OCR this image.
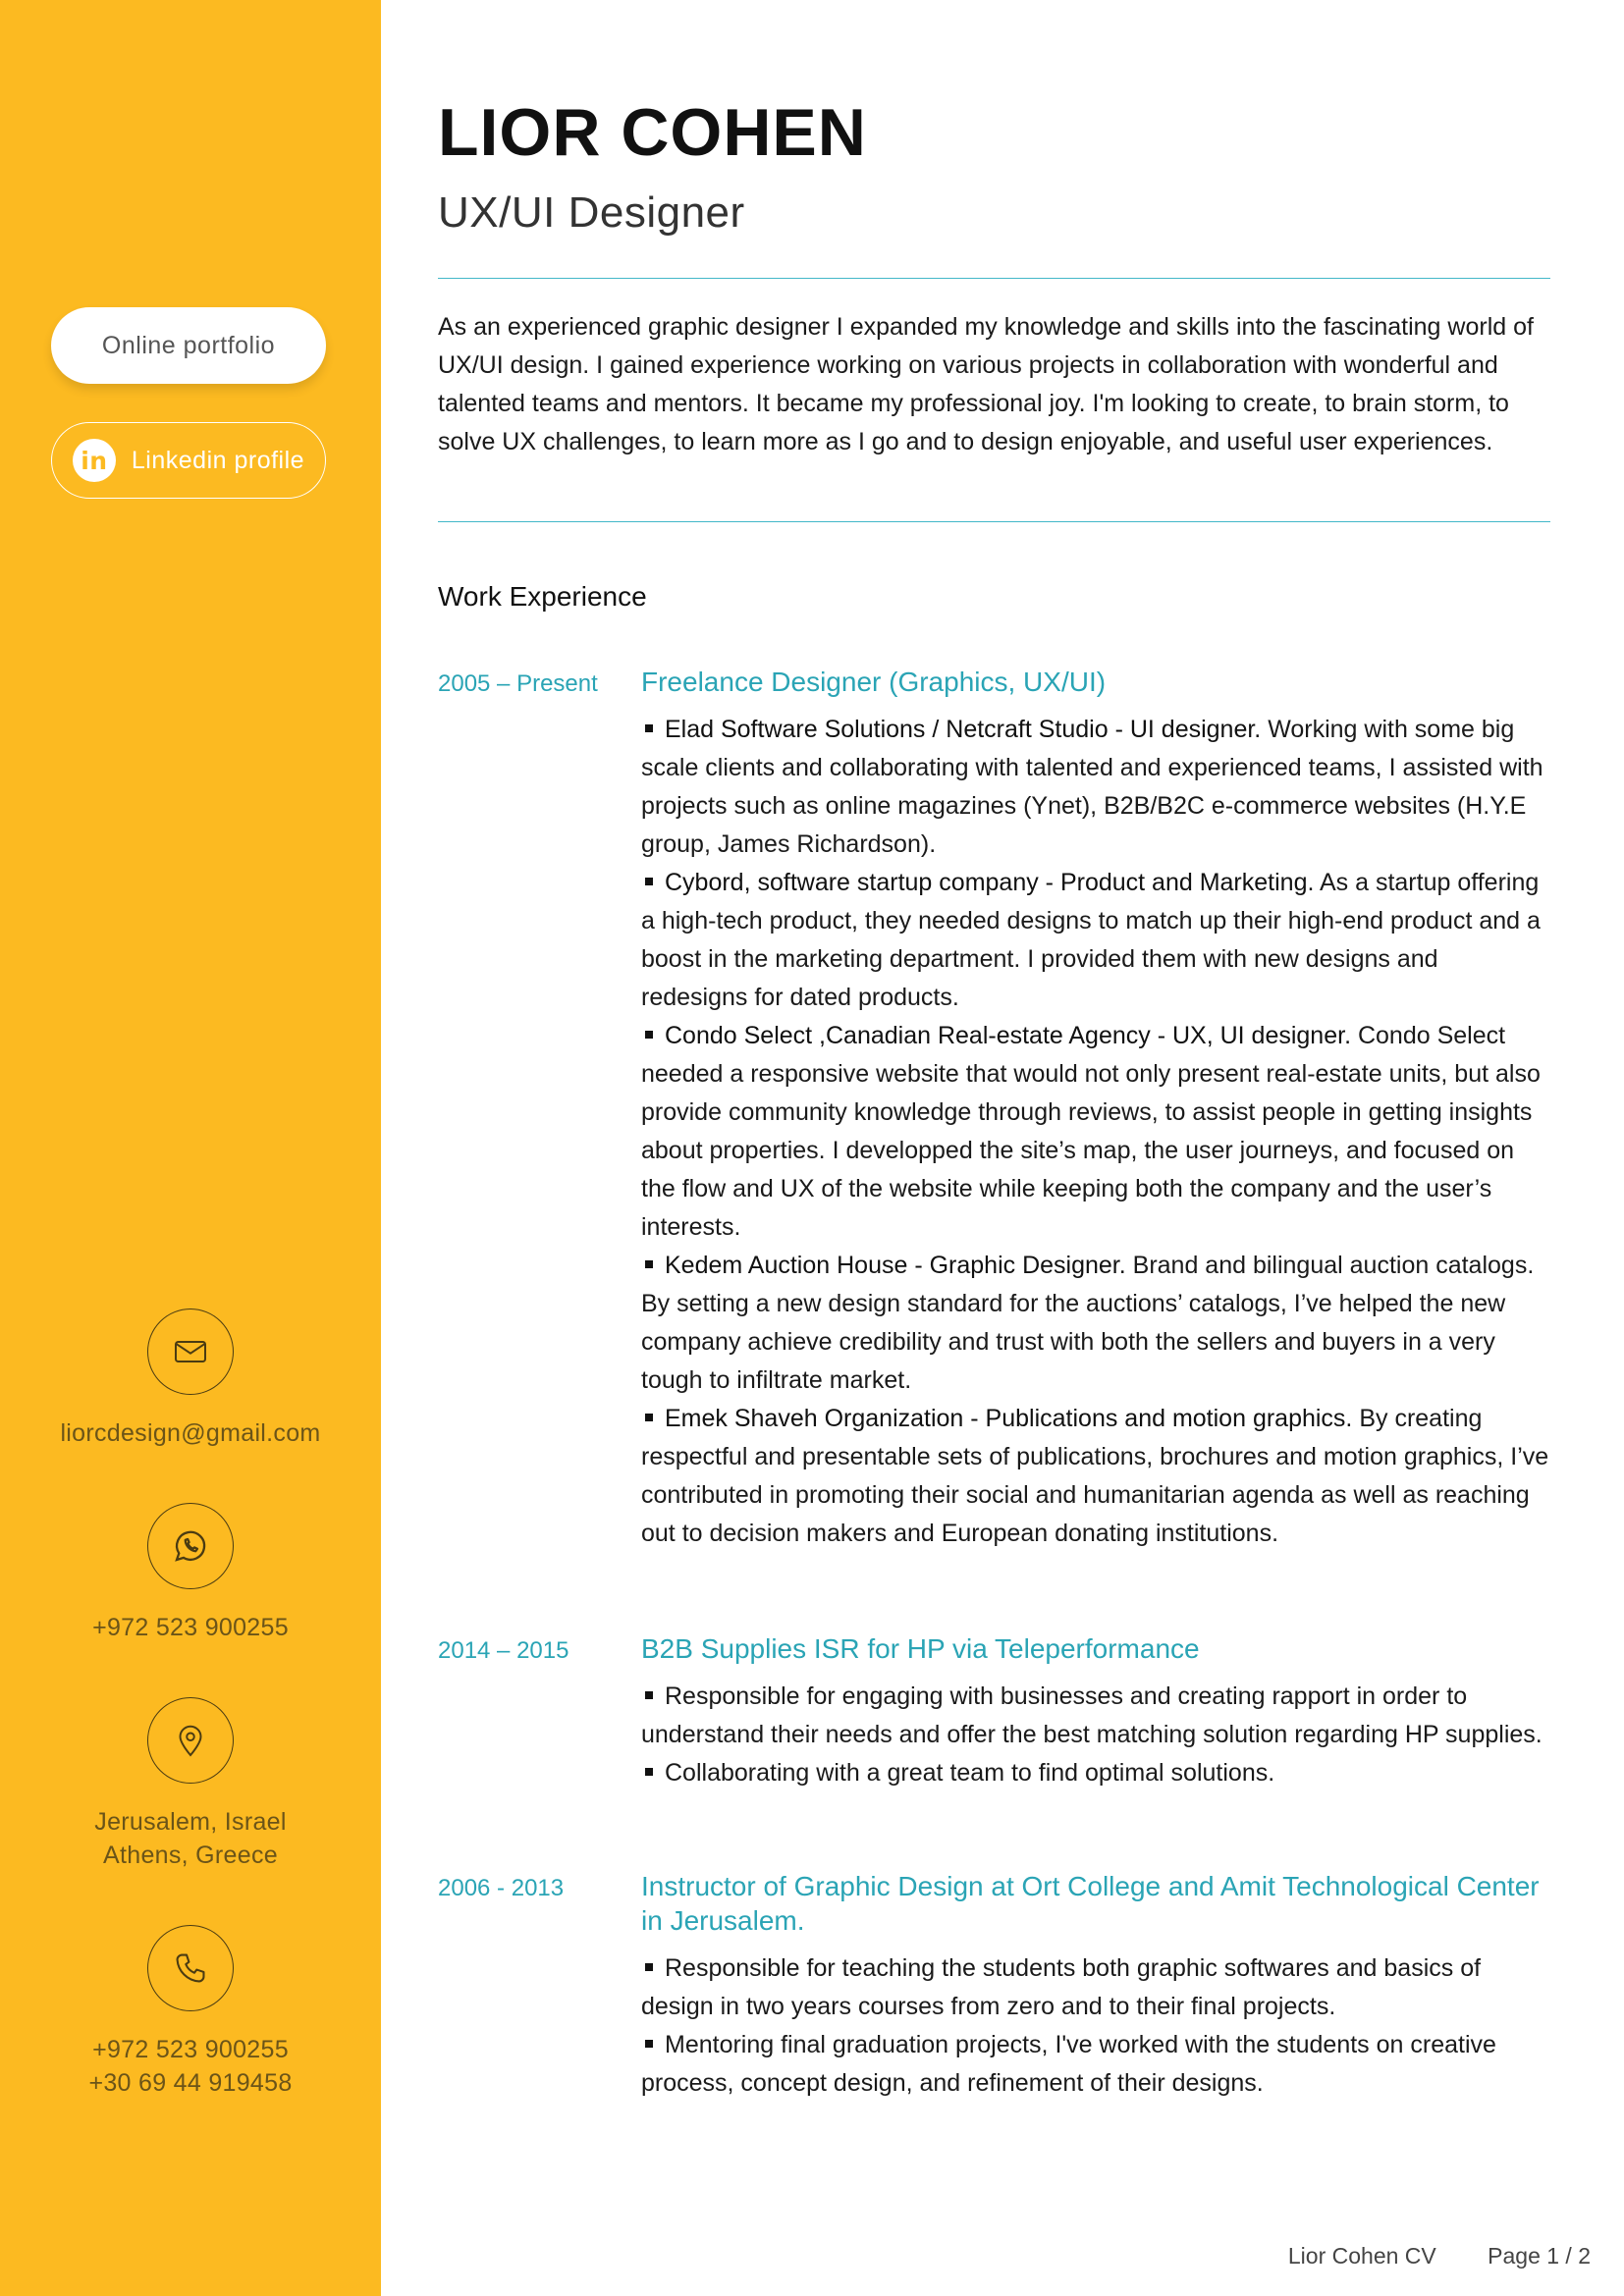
Online portfolio
in Linkedin profile
liorcdesign@gmail.com
+972 523 900255
Jerusalem, Israel
Athens, Greece
+972 523 900255
+30 69 44 919458
LIOR COHEN
UX/UI Designer
As an experienced graphic designer I expanded my knowledge and skills into the fascinating world of UX/UI design. I gained experience working on various projects in collaboration with wonderful and talented teams and mentors. It became my professional joy. I'm looking to create, to brain storm, to solve UX challenges, to learn more as I go and to design enjoyable, and useful user experiences.
Work Experience
2005 – Present Freelance Designer (Graphics, UX/UI)
Elad Software Solutions / Netcraft Studio - UI designer. Working with some big scale clients and collaborating with talented and experienced teams, I assisted with projects such as online magazines (Ynet), B2B/B2C e-commerce websites (H.Y.E group, James Richardson).
Cybord, software startup company - Product and Marketing. As a startup offering a high-tech product, they needed designs to match up their high-end product and a boost in the marketing department. I provided them with new designs and redesigns for dated products.
Condo Select ,Canadian Real-estate Agency - UX, UI designer. Condo Select needed a responsive website that would not only present real-estate units, but also provide community knowledge through reviews, to assist people in getting insights about properties. I developped the site’s map, the user journeys, and focused on the flow and UX of the website while keeping both the company and the user’s interests.
Kedem Auction House - Graphic Designer. Brand and bilingual auction catalogs. By setting a new design standard for the auctions’ catalogs, I’ve helped the new company achieve credibility and trust with both the sellers and buyers in a very tough to infiltrate market.
Emek Shaveh Organization - Publications and motion graphics. By creating respectful and presentable sets of publications, brochures and motion graphics, I’ve contributed in promoting their social and humanitarian agenda as well as reaching out to decision makers and European donating institutions.
2014 – 2015	B2B Supplies ISR for HP via Teleperformance
Responsible for engaging with businesses and creating rapport in order to understand their needs and offer the best matching solution regarding HP supplies.
Collaborating with a great team to find optimal solutions.
2006 - 2013	Instructor of Graphic Design at Ort College and Amit Technological Center in Jerusalem.
Responsible for teaching the students both graphic softwares and basics of design in two years courses from zero and to their final projects.
Mentoring final graduation projects, I've worked with the students on creative process, concept design, and refinement of their designs.
Lior Cohen CV Page 1 / 2
